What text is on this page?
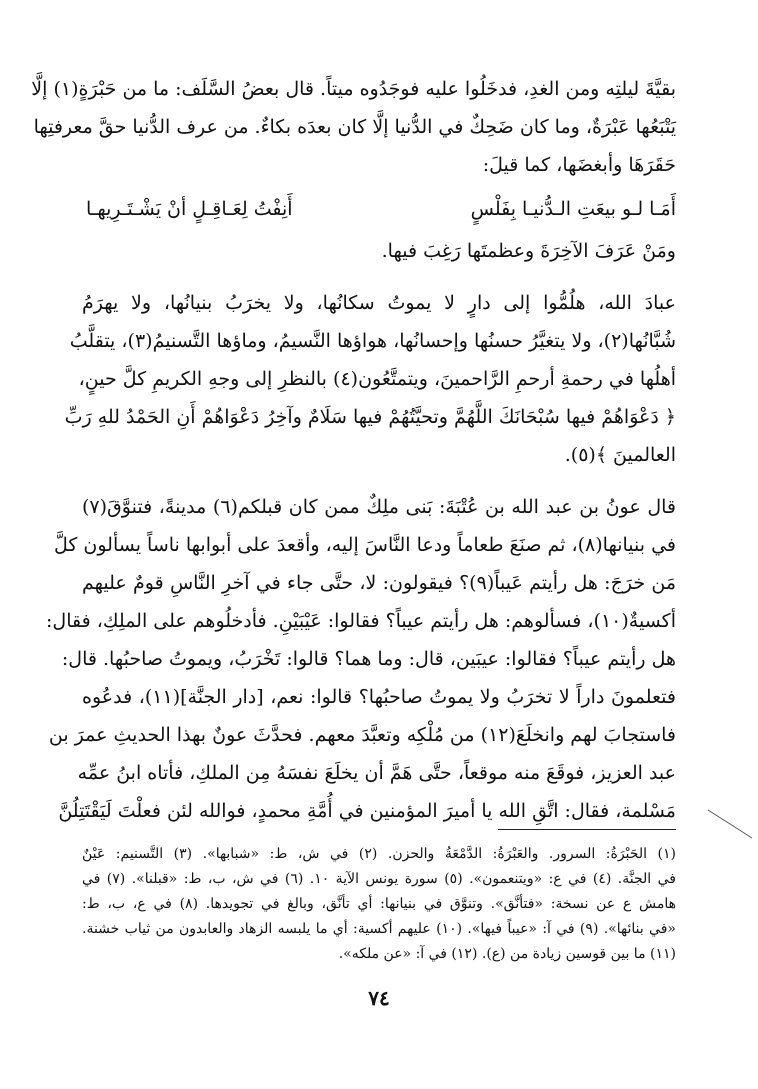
بقيَّةَ ليلتِه ومن الغدِ، فدخَلُوا عليه فوجَدُوه ميتاً. قال بعضُ السَّلَف: ما من حَبْرَةٍ(١) إلَّا
يَتْبَعُها عَبْرَةٌ، وما كان ضَحِكٌ في الدُّنيا إلَّا كان بعدَه بكاءٌ. من عرف الدُّنيا حقَّ معرفتِها
حَقَرَهَا وأبغضَها، كما قيلَ:
أَمَـا لـو بيعَتِ الـدُّنيـا بِفَلْسٍ
أَنِفْتُ لِعَـاقِـلٍ أنْ يَشْـتَـرِيهـا
ومَنْ عَرَفَ الآخِرَةَ وعظمتَها رَغِبَ فيها.
عبادَ الله، هلُمُّوا إلى دارٍ لا يموتُ سكانُها، ولا يخرَبُ بنيانُها، ولا يهرَمُ
شُبَّانُها(٢)، ولا يتغيَّرُ حسنُها وإحسانُها، هواؤها النَّسيمُ، وماؤها التَّسنيمُ(٣)، يتقلَّبُ
أهلُها في رحمةِ أرحمِ الرَّاحمينَ، ويتمتَّعُون(٤) بالنظرِ إلى وجهِ الكريمِ كلَّ حينٍ،
﴿ دَعْوَاهُمْ فيها سُبْحَانَكَ اللَّهُمَّ وتحيَّتُهُمْ فيها سَلَامٌ وآخِرُ دَعْوَاهُمْ أَنِ الحَمْدُ للهِ رَبِّ
العالمينَ ﴾(٥).
قال عونُ بن عبد الله بن عُتْبَةَ: بَنى ملِكٌ ممن كان قبلكم(٦) مدينةً، فتنوَّقَ(٧)
في بنيانها(٨)، ثم صنَعَ طعاماً ودعا النَّاسَ إليه، وأقعدَ على أبوابها ناساً يسألون كلَّ
مَن خرَجَ: هل رأيتم عَيباً(٩)؟ فيقولون: لا، حتَّى جاء في آخرِ النَّاسِ قومٌ عليهم
أكسيةٌ(١٠)، فسألوهم: هل رأيتم عيباً؟ فقالوا: عَيْبَيْنِ. فأدخلُوهم على الملِكِ، فقال:
هل رأيتم عيباً؟ فقالوا: عيبَين، قال: وما هما؟ قالوا: تَخْرَبُ، ويموتُ صاحبُها. قال:
فتعلمونَ داراً لا تخرَبُ ولا يموتُ صاحبُها؟ قالوا: نعم، [دار الجنَّة](١١)، فدعُوه
فاستجابَ لهم وانخلَعَ(١٢) من مُلْكِه وتعبَّدَ معهم. فحدَّثَ عونٌ بهذا الحديثِ عمرَ بن
عبد العزيز، فوقَعَ منه موقعاً، حتَّى هَمَّ أن يخلَعَ نفسَهُ مِن الملكِ، فأتاه ابنُ عمِّه
مَسْلمة، فقال: اتَّقِ الله يا أميرَ المؤمنين في أُمَّةِ محمدٍ، فوالله لئن فعلْتَ لَيَقْتَتِلُنَّ
(١) الحَبْرَةُ: السرور. والعَبْرَةُ: الدَّمْعَةُ والحزن. (٢) في ش، ط: «شبابها». (٣) التَّسنيم: عَيْنٌ
في الجنَّة. (٤) في ع: «ويتنعمون». (٥) سورة يونس الآية ١٠. (٦) في ش، ب، ط: «قبلنا». (٧) في
هامش ع عن نسخة: «فتأنَّق». وتنوَّق في بنيانها: أي تأنَّق، وبالغ في تجويدها. (٨) في ع، ب، ط:
«في بنائها». (٩) في آ: «عيباً فيها». (١٠) عليهم أكسية: أي ما يلبسه الزهاد والعابدون من ثياب خشنة.
(١١) ما بين قوسين زيادة من (ع). (١٢) في آ: «عن ملكه».
٧٤
